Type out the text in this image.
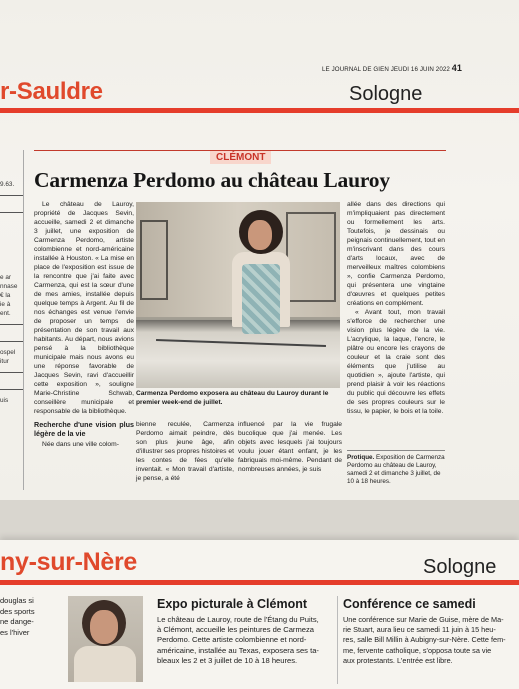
LE JOURNAL DE GIEN JEUDI 16 JUIN 2022 41
r-Sauldre	Sologne
9.63.
e ar
nnase
€ la
ie à
ent.
ospel
itur
uis
CLÉMONT
Carmenza Perdomo au château Lauroy

Le château de Lauroy, propriété de Jacques Sevin, accueille, samedi 2 et dimanche 3 juillet, une exposition de Carmenza Perdomo, artiste colombienne et nord-américaine installée à Houston. « La mise en place de l'exposition est issue de la rencontre que j'ai faite avec Carmenza, qui est la sœur d'une de mes amies, installée depuis quelque temps à Argent. Au fil de nos échanges est venue l'envie de proposer un temps de présentation de son travail aux habitants. Au départ, nous avions pensé à la bibliothèque municipale mais nous avons eu une réponse favorable de Jacques Sevin, ravi d'accueillir cette exposition », souligne Marie-Christine Schwab, conseillère municipale et responsable de la bibliothèque.

Recherche d'une vision plus légère de la vie

Née dans une ville colom-

Carmenza Perdomo exposera au château du Lauroy durant le premier week-end de juillet.

bienne reculée, Carmenza Perdomo aimait peindre, dès son plus jeune âge, afin d'illustrer ses propres histoires et les contes de fées qu'elle inventait. « Mon travail d'artiste, je pense, a été

influencé par la vie frugale bucolique que j'ai menée. Les objets avec lesquels j'ai toujours voulu jouer étant enfant, je les fabriquais moi-même. Pendant de nombreuses années, je suis

allée dans des directions qui m'impliquaient pas directement ou formellement les arts. Toutefois, je dessinais ou peignais continuellement, tout en m'inscrivant dans des cours d'arts locaux, avec de merveilleux maîtres colombiens », confie Carmenza Perdomo, qui présentera une vingtaine d'œuvres et quelques petites créations en complément.

« Avant tout, mon travail s'efforce de rechercher une vision plus légère de la vie. L'acrylique, la laque, l'encre, le plâtre ou encore les crayons de couleur et la craie sont des éléments que j'utilise au quotidien », ajoute l'artiste, qui prend plaisir à voir les réactions du public qui découvre les effets de ses propres couleurs sur le tissu, le papier, le bois et la toile.

Protique. Exposition de Carmenza Perdomo au château de Lauroy, samedi 2 et dimanche 3 juillet, de 10 à 18 heures.
ny-sur-Nère	Sologne
douglas si
des sports
ne dange-
es l'hiver
Expo picturale à Clémont
Le château de Lauroy, route de l'Étang du Puits,
à Clémont, accueille les peintures de Carmeza
Perdomo. Cette artiste colombienne et nord-
américaine, installée au Texas, exposera ses ta-
bleaux les 2 et 3 juillet de 10 à 18 heures.
Conférence ce samedi
Une conférence sur Marie de Guise, mère de Ma-
rie Stuart, aura lieu ce samedi 11 juin à 15 heu-
res, salle Bill Millin à Aubigny-sur-Nère. Cette fem-
me, fervente catholique, s'opposa toute sa vie
aux protestants. L'entrée est libre.
